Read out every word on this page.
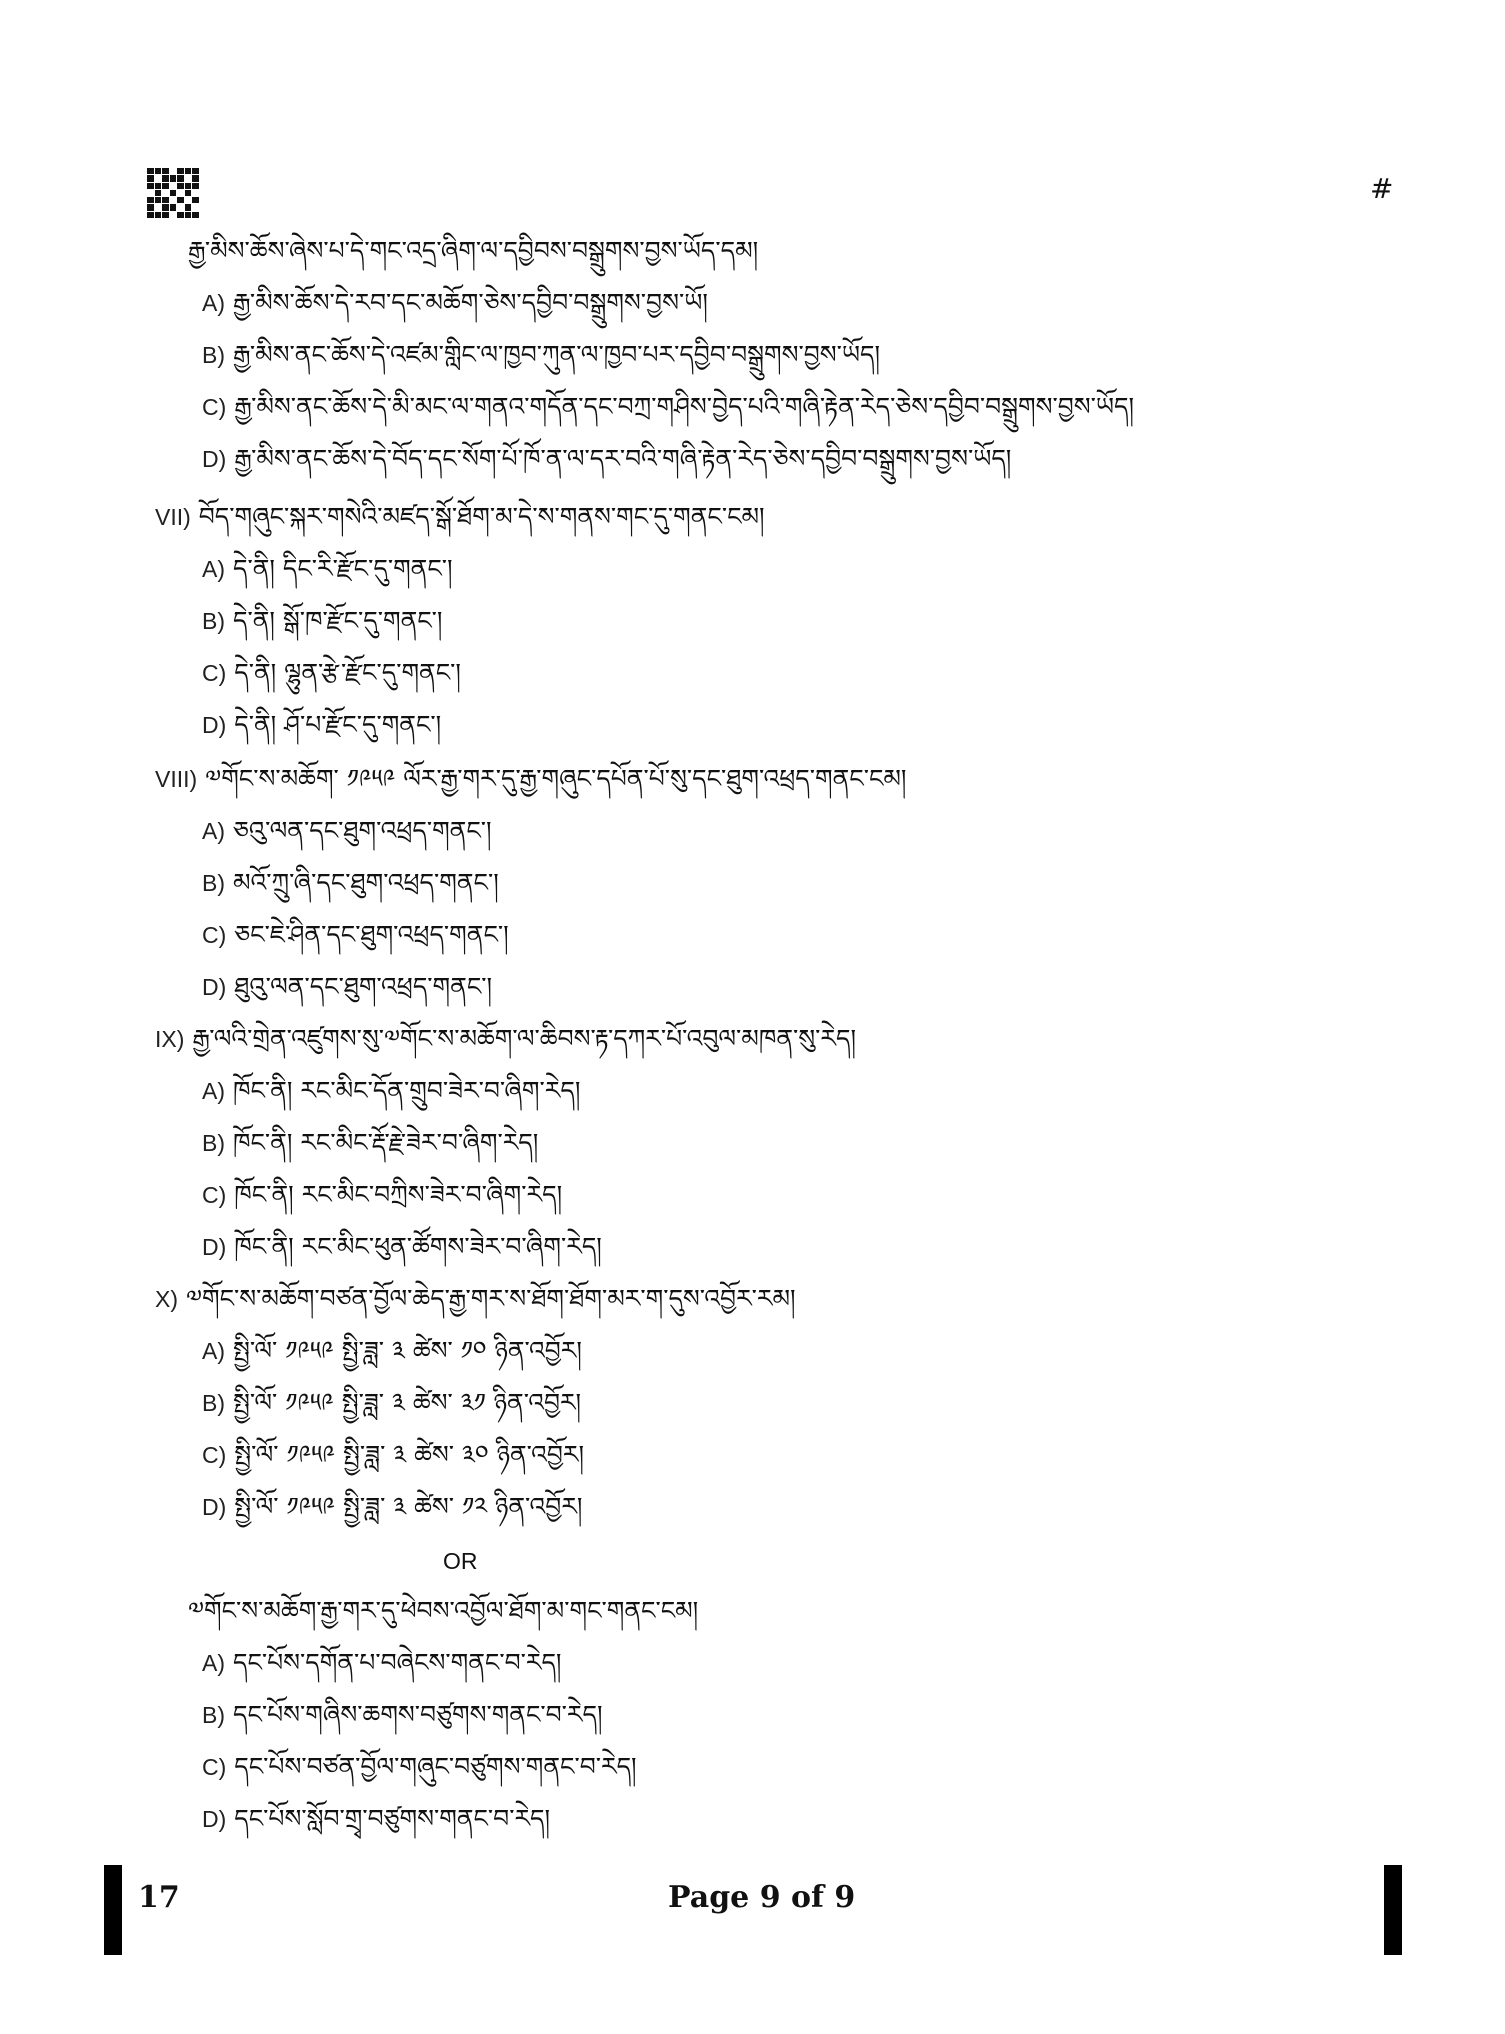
#
རྒྱ་མིས་ཆོས་ཞེས་པ་དེ་གང་འདྲ་ཞིག་ལ་དབྱིབས་བསྒྲུགས་བྱས་ཡོད་དམ།
A) རྒྱ་མིས་ཆོས་དེ་རབ་དང་མཆོག་ཅེས་དབྱིབ་བསྒྲུགས་བྱས་ཡོ།
B) རྒྱ་མིས་ནང་ཆོས་དེ་འཛམ་གླིང་ལ་ཁྱབ་ཀུན་ལ་ཁྱབ་པར་དབྱིབ་བསྒྲུགས་བྱས་ཡོད།
C) རྒྱ་མིས་ནང་ཆོས་དེ་མི་མང་ལ་གནའ་གདོན་དང་བཀྲ་གཤིས་བྱེད་པའི་གཞི་རྟེན་རེད་ཅེས་དབྱིབ་བསྒྲུགས་བྱས་ཡོད།
D) རྒྱ་མིས་ནང་ཆོས་དེ་བོད་དང་སོག་པོ་ཁོ་ན་ལ་དར་བའི་གཞི་རྟེན་རེད་ཅེས་དབྱིབ་བསྒྲུགས་བྱས་ཡོད།
VII) བོད་གཞུང་སྐར་གསེའི་མཛད་སྒོ་ཐོག་མ་དེ་ས་གནས་གང་དུ་གནང་ངམ།
A) དེ་ནི། དིང་རི་རྫོང་དུ་གནང་།
B) དེ་ནི། སྒོ་ཁ་རྫོང་དུ་གནང་།
C) དེ་ནི། ལྷུན་རྩེ་རྫོང་དུ་གནང་།
D) དེ་ནི། ཤོ་པ་རྫོང་དུ་གནང་།
VIII) ༧གོང་ས་མཆོག་ ༡༩༥༩ ལོར་རྒྱ་གར་དུ་རྒྱ་གཞུང་དཔོན་པོ་སུ་དང་ཐུག་འཕྲད་གནང་ངམ།
A) ཅའུ་ལན་དང་ཐུག་འཕྲད་གནང་།
B) མའོ་ཀྲུ་ཞི་དང་ཐུག་འཕྲད་གནང་།
C) ཅང་ཇེ་ཤིན་དང་ཐུག་འཕྲད་གནང་།
D) ཐུའུ་ལན་དང་ཐུག་འཕྲད་གནང་།
IX) རྒྱ་ལའི་གྲེན་འཛུགས་སུ་༧གོང་ས་མཆོག་ལ་ཆིབས་རྟ་དཀར་པོ་འབུལ་མཁན་སུ་རེད།
A) ཁོང་ནི། རང་མིང་དོན་གྲུབ་ཟེར་བ་ཞིག་རེད།
B) ཁོང་ནི། རང་མིང་རྡོ་རྗེ་ཟེར་བ་ཞིག་རེད།
C) ཁོང་ནི། རང་མིང་བཀྲིས་ཟེར་བ་ཞིག་རེད།
D) ཁོང་ནི། རང་མིང་ཕུན་ཚོགས་ཟེར་བ་ཞིག་རེད།
X) ༧གོང་ས་མཆོག་བཙན་བྱོལ་ཆེད་རྒྱ་གར་ས་ཐོག་ཐོག་མར་ག་དུས་འབྱོར་རམ།
A) སྤྱི་ལོ་ ༡༩༥༩ སྤྱི་ཟླ་ ༣ ཚེས་ ༡༠ ཉིན་འབྱོར།
B) སྤྱི་ལོ་ ༡༩༥༩ སྤྱི་ཟླ་ ༣ ཚེས་ ༣༡ ཉིན་འབྱོར།
C) སྤྱི་ལོ་ ༡༩༥༩ སྤྱི་ཟླ་ ༣ ཚེས་ ༣༠ ཉིན་འབྱོར།
D) སྤྱི་ལོ་ ༡༩༥༩ སྤྱི་ཟླ་ ༣ ཚེས་ ༡༢ ཉིན་འབྱོར།
OR
༧གོང་ས་མཆོག་རྒྱ་གར་དུ་ཕེབས་འབྱོལ་ཐོག་མ་གང་གནང་ངམ།
A) དང་པོས་དགོན་པ་བཞེངས་གནང་བ་རེད།
B) དང་པོས་གཞིས་ཆགས་བཙུགས་གནང་བ་རེད།
C) དང་པོས་བཙན་བྱོལ་གཞུང་བཙུགས་གནང་བ་རེད།
D) དང་པོས་སློབ་གྲྭ་བཙུགས་གནང་བ་རེད།
17	Page 9 of 9
